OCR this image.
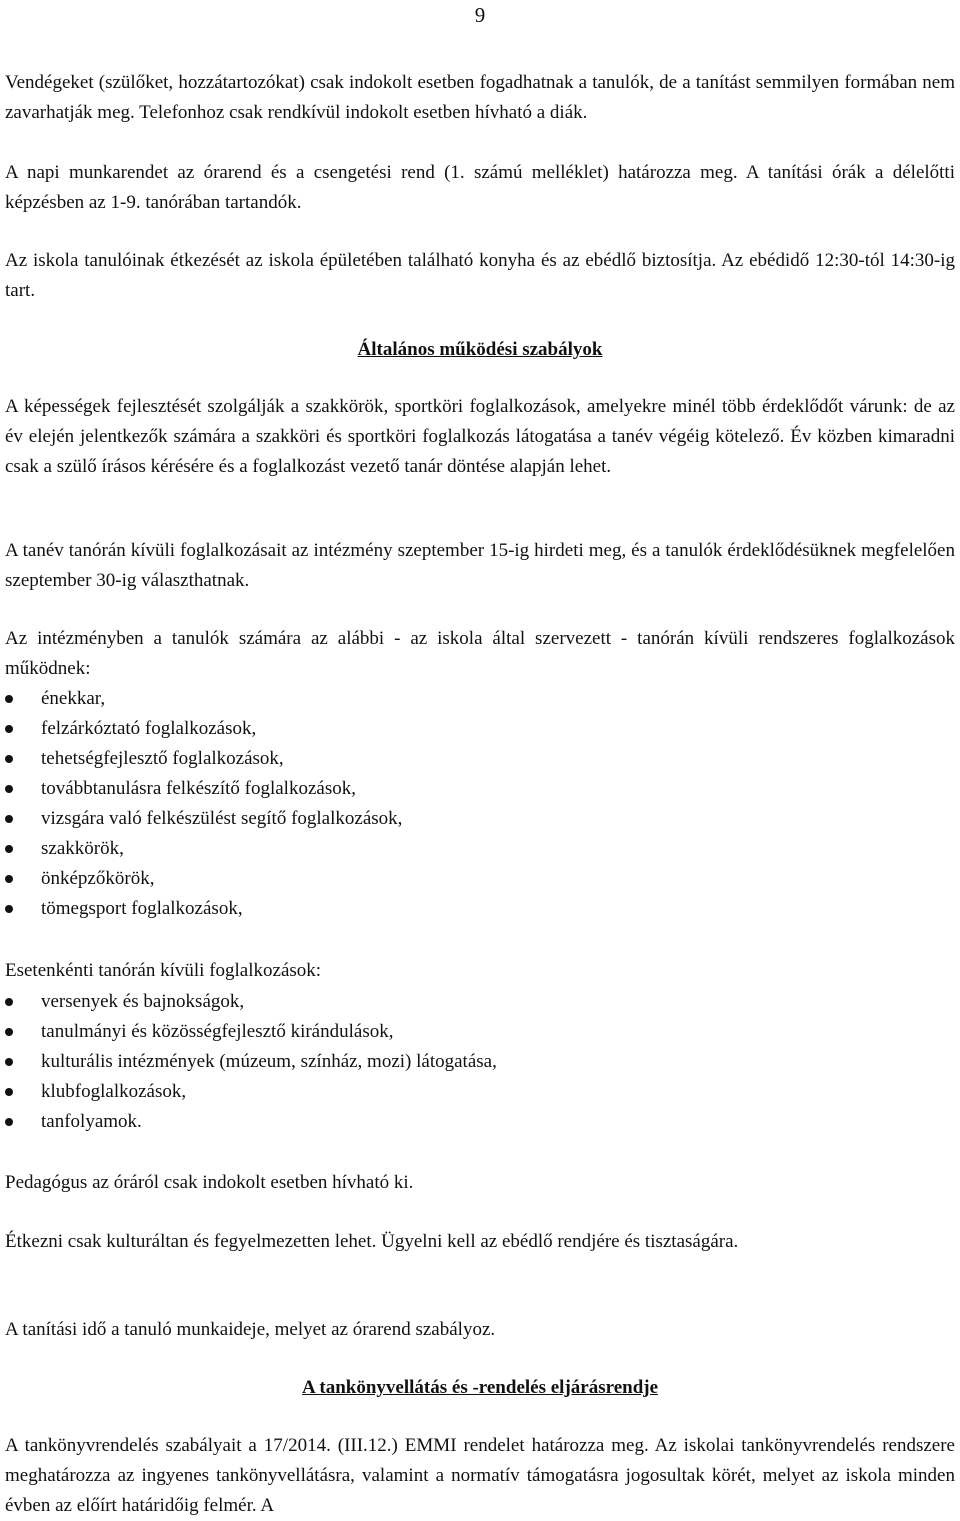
9
Vendégeket (szülőket, hozzátartozókat) csak indokolt esetben fogadhatnak a tanulók, de a tanítást semmilyen formában nem zavarhatják meg. Telefonhoz csak rendkívül indokolt esetben hívható a diák.
A napi munkarendet az órarend és a csengetési rend (1. számú melléklet) határozza meg. A tanítási órák a délelőtti képzésben az 1-9. tanórában tartandók.
Az iskola tanulóinak étkezését az iskola épületében található konyha és az ebédlő biztosítja. Az ebédidő 12:30-tól 14:30-ig tart.
Általános működési szabályok
A képességek fejlesztését szolgálják a szakkörök, sportköri foglalkozások, amelyekre minél több érdeklődőt várunk: de az év elején jelentkezők számára a szakköri és sportköri foglalkozás látogatása a tanév végéig kötelező. Év közben kimaradni csak a szülő írásos kérésére és a foglalkozást vezető tanár döntése alapján lehet.
A tanév tanórán kívüli foglalkozásait az intézmény szeptember 15-ig hirdeti meg, és a tanulók érdeklődésüknek megfelelően szeptember 30-ig választhatnak.
Az intézményben a tanulók számára az alábbi - az iskola által szervezett - tanórán kívüli rendszeres foglalkozások működnek:
énekkar,
felzárkóztató foglalkozások,
tehetségfejlesztő foglalkozások,
továbbtanulásra felkészítő foglalkozások,
vizsgára való felkészülést segítő foglalkozások,
szakkörök,
önképzőkörök,
tömegsport foglalkozások,
Esetenkénti tanórán kívüli foglalkozások:
versenyek és bajnokságok,
tanulmányi és közösségfejlesztő kirándulások,
kulturális intézmények (múzeum, színház, mozi) látogatása,
klubfoglalkozások,
tanfolyamok.
Pedagógus az óráról csak indokolt esetben hívható ki.
Étkezni csak kulturáltan és fegyelmezetten lehet. Ügyelni kell az ebédlő rendjére és tisztaságára.
A tanítási idő a tanuló munkaideje, melyet az órarend szabályoz.
A tankönyvellátás és -rendelés eljárásrendje
A tankönyvrendelés szabályait a 17/2014. (III.12.) EMMI rendelet határozza meg. Az iskolai tankönyvrendelés rendszere meghatározza az ingyenes tankönyvellátásra, valamint a normatív támogatásra jogosultak körét, melyet az iskola minden évben az előírt határidőig felmér. A
